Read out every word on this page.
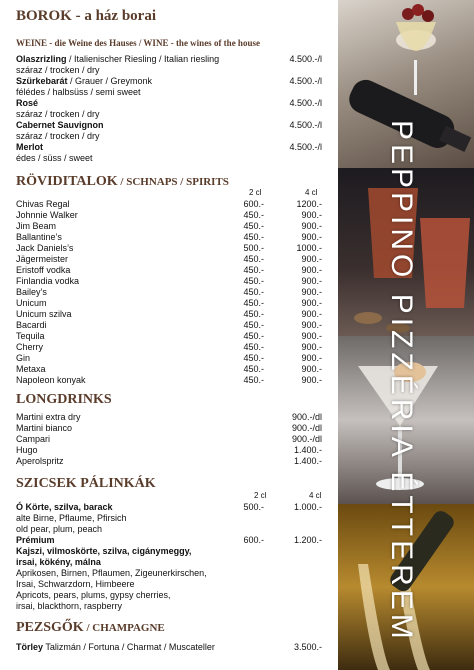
BOROK - a ház borai
WEINE - die Weine des Hauses / WINE - the wines of the house
Olaszrizling / Italienischer Riesling / Italian riesling	4.500.-/l
száraz / trocken / dry
Szürkebarát / Grauer / Greymonk	4.500.-/l
félédes / halbsüss / semi sweet
Rosé	4.500.-/l
száraz / trocken / dry
Cabernet Sauvignon	4.500.-/l
száraz / trocken / dry
Merlot	4.500.-/l
édes / süss / sweet
RÖVIDITALOK / SCHNAPS / SPIRITS
2 cl	4 cl
Chivas Regal	600.-	1200.-
Johnnie Walker	450.-	900.-
Jim Beam	450.-	900.-
Ballantine’s	450.-	900.-
Jack Daniels’s	500.-	1000.-
Jägermeister	450.-	900.-
Eristoff vodka	450.-	900.-
Finlandia vodka	450.-	900.-
Bailey’s	450.-	900.-
Unicum	450.-	900.-
Unicum szilva	450.-	900.-
Bacardi	450.-	900.-
Tequila	450.-	900.-
Cherry	450.-	900.-
Gin	450.-	900.-
Metaxa	450.-	900.-
Napoleon konyak	450.-	900.-
LONGDRINKS
Martini extra dry	900.-/dl
Martini bianco	900.-/dl
Campari	900.-/dl
Hugo	1.400.-
Aperolspritz	1.400.-
SZICSEK PÁLINKÁK
2 cl	4 cl
Ó Körte, szilva, barack	500.-	1.000.-
alte Birne, Pflaume, Pfirsich
old pear, plum, peach
Prémium	600.-	1.200.-
Kajszi, vilmoskörte, szilva, cigánymeggy,
irsai, kökény, málna
Aprikosen, Birnen, Pflaumen, Zigeunerkirschen,
Irsai, Schwarzdorn, Himbeere
Apricots, pears, plums, gypsy cherries,
irsai, blackthorn, raspberry
PEZSGŐK / CHAMPAGNE
Törley Talizmán / Fortuna / Charmat / Muscateller	3.500.-
PEPPINO PIZZÉRIA ÉTTEREM
